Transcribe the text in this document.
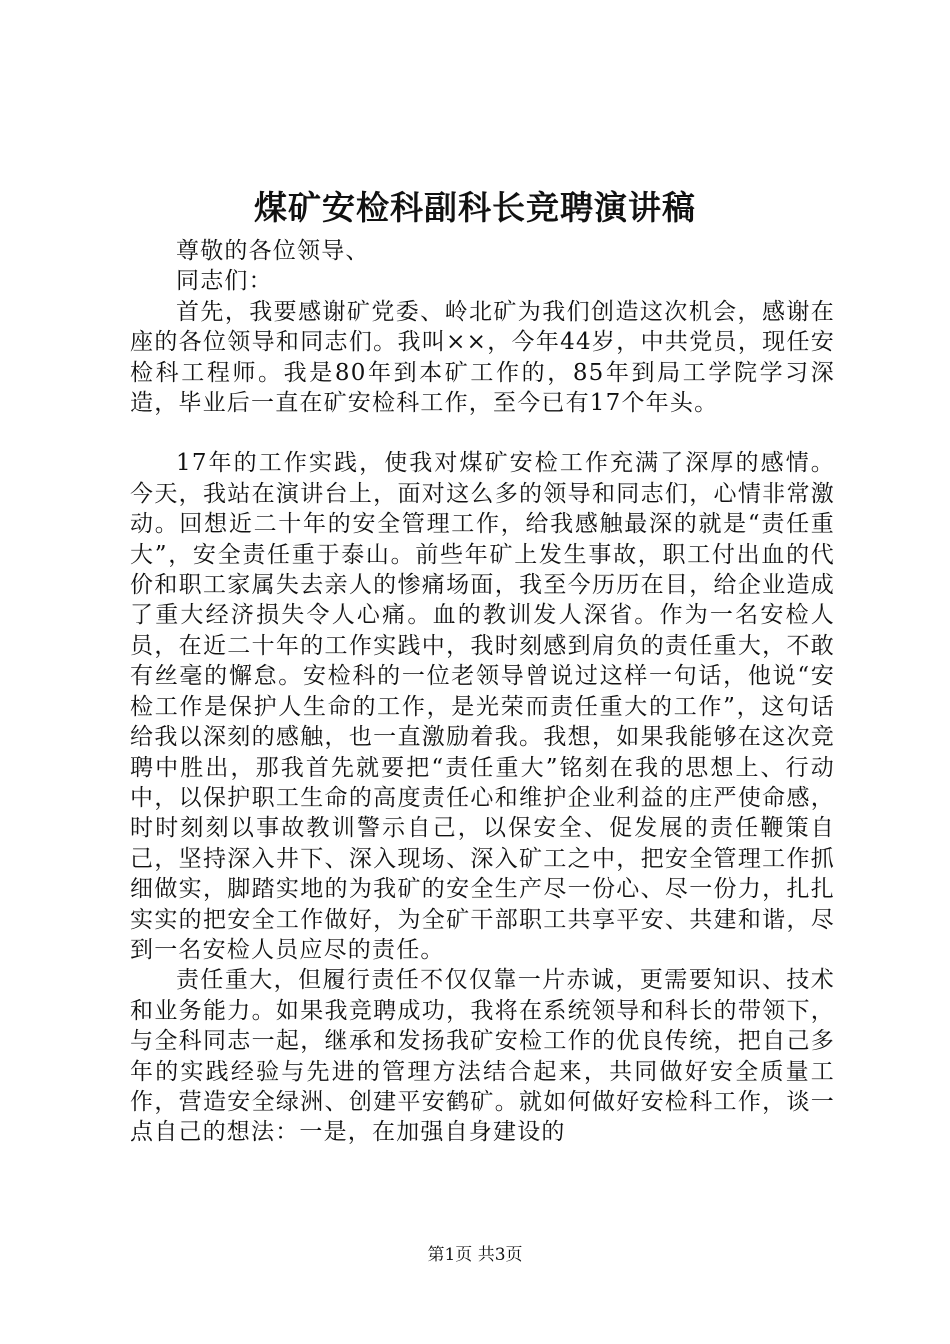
煤矿安检科副科长竞聘演讲稿

尊敬的各位领导、

同志们：

首先，我要感谢矿党委、岭北矿为我们创造这次机会，感谢在座的各位领导和同志们。我叫××，今年44岁，中共党员，现任安检科工程师。我是80年到本矿工作的，85年到局工学院学习深造，毕业后一直在矿安检科工作，至今已有17个年头。

17年的工作实践，使我对煤矿安检工作充满了深厚的感情。今天，我站在演讲台上，面对这么多的领导和同志们，心情非常激动。回想近二十年的安全管理工作，给我感触最深的就是“责任重大”，安全责任重于泰山。前些年矿上发生事故，职工付出血的代价和职工家属失去亲人的惨痛场面，我至今历历在目，给企业造成了重大经济损失令人心痛。血的教训发人深省。作为一名安检人员，在近二十年的工作实践中，我时刻感到肩负的责任重大，不敢有丝毫的懈怠。安检科的一位老领导曾说过这样一句话，他说“安检工作是保护人生命的工作，是光荣而责任重大的工作”，这句话给我以深刻的感触，也一直激励着我。我想，如果我能够在这次竞聘中胜出，那我首先就要把“责任重大”铭刻在我的思想上、行动中，以保护职工生命的高度责任心和维护企业利益的庄严使命感，时时刻刻以事故教训警示自己，以保安全、促发展的责任鞭策自己，坚持深入井下、深入现场、深入矿工之中，把安全管理工作抓细做实，脚踏实地的为我矿的安全生产尽一份心、尽一份力，扎扎实实的把安全工作做好，为全矿干部职工共享平安、共建和谐，尽到一名安检人员应尽的责任。

责任重大，但履行责任不仅仅靠一片赤诚，更需要知识、技术和业务能力。如果我竞聘成功，我将在系统领导和科长的带领下，与全科同志一起，继承和发扬我矿安检工作的优良传统，把自己多年的实践经验与先进的管理方法结合起来，共同做好安全质量工作，营造安全绿洲、创建平安鹤矿。就如何做好安检科工作，谈一点自己的想法：一是，在加强自身建设的

第1页 共3页
